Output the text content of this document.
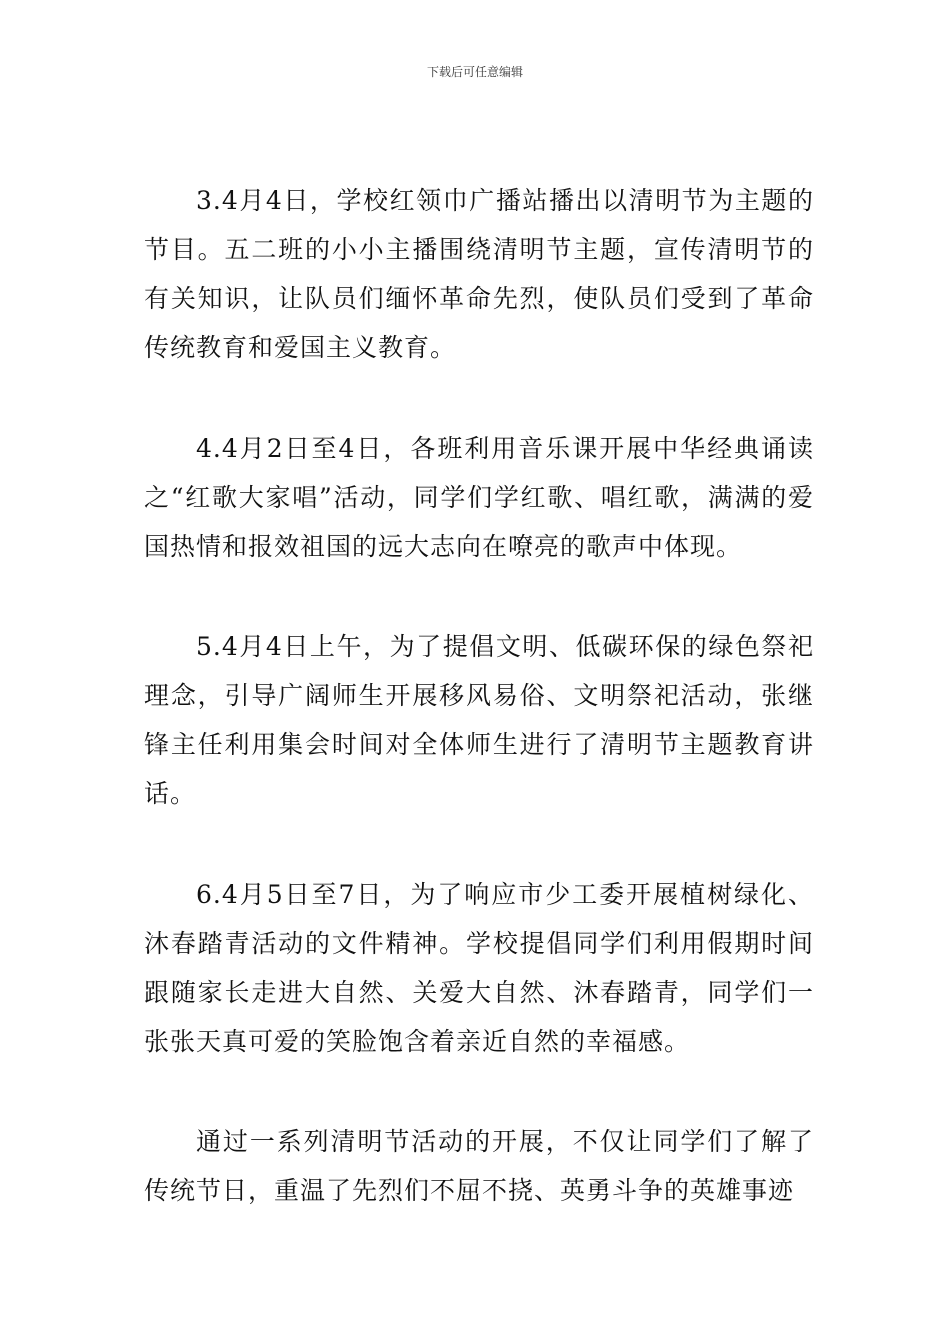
下载后可任意编辑

3.4月4日，学校红领巾广播站播出以清明节为主题的节目。五二班的小小主播围绕清明节主题，宣传清明节的有关知识，让队员们缅怀革命先烈，使队员们受到了革命传统教育和爱国主义教育。

4.4月2日至4日，各班利用音乐课开展中华经典诵读之“红歌大家唱”活动，同学们学红歌、唱红歌，满满的爱国热情和报效祖国的远大志向在嘹亮的歌声中体现。

5.4月4日上午，为了提倡文明、低碳环保的绿色祭祀理念，引导广阔师生开展移风易俗、文明祭祀活动，张继锋主任利用集会时间对全体师生进行了清明节主题教育讲话。

6.4月5日至7日，为了响应市少工委开展植树绿化、沐春踏青活动的文件精神。学校提倡同学们利用假期时间跟随家长走进大自然、关爱大自然、沐春踏青，同学们一张张天真可爱的笑脸饱含着亲近自然的幸福感。

通过一系列清明节活动的开展，不仅让同学们了解了传统节日，重温了先烈们不屈不挠、英勇斗争的英雄事迹
